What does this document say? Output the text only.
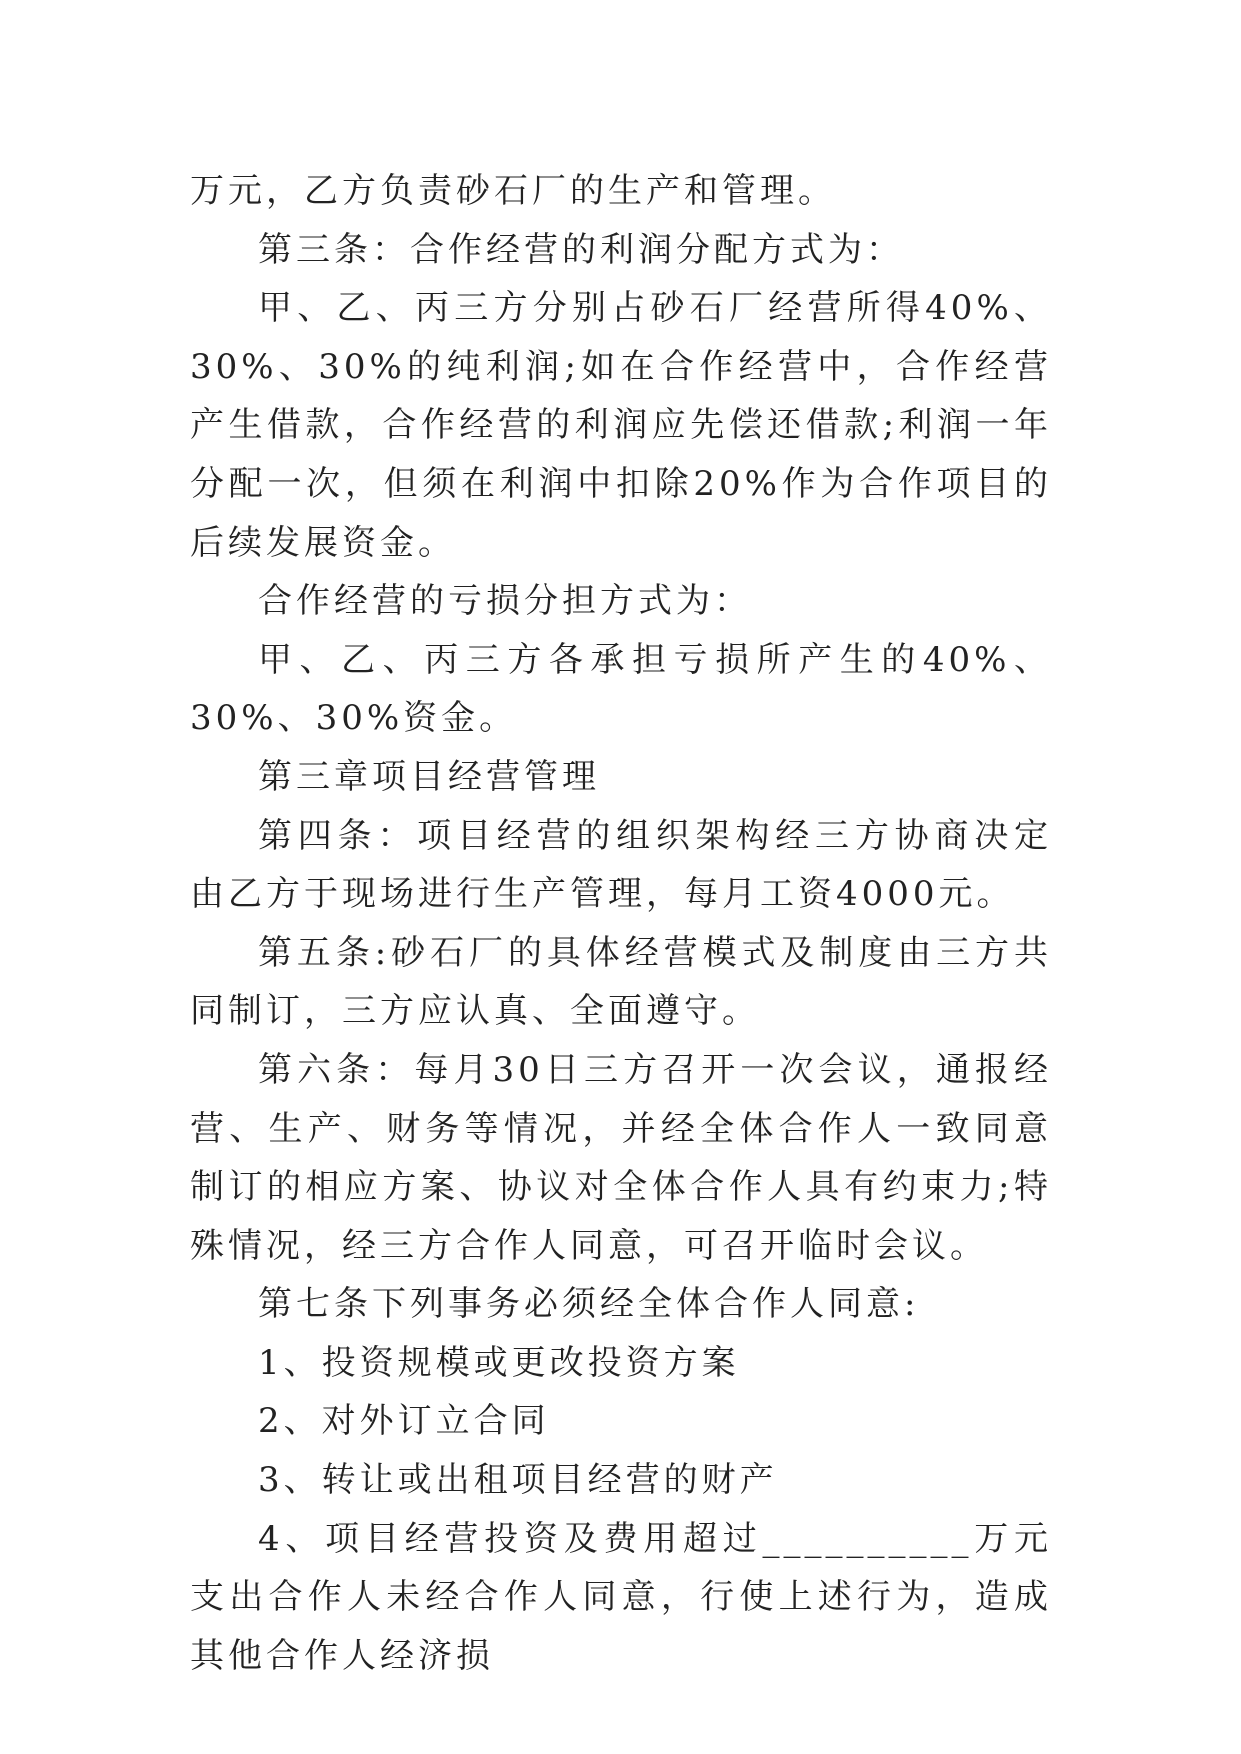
万元，乙方负责砂石厂的生产和管理。

第三条：合作经营的利润分配方式为：

甲、乙、丙三方分别占砂石厂经营所得40%、30%、30%的纯利润;如在合作经营中，合作经营产生借款，合作经营的利润应先偿还借款;利润一年分配一次，但须在利润中扣除20%作为合作项目的后续发展资金。

合作经营的亏损分担方式为：

甲、乙、丙三方各承担亏损所产生的40%、30%、30%资金。

第三章项目经营管理

第四条：项目经营的组织架构经三方协商决定由乙方于现场进行生产管理，每月工资4000元。

第五条:砂石厂的具体经营模式及制度由三方共同制订，三方应认真、全面遵守。

第六条：每月30日三方召开一次会议，通报经营、生产、财务等情况，并经全体合作人一致同意制订的相应方案、协议对全体合作人具有约束力;特殊情况，经三方合作人同意，可召开临时会议。

第七条下列事务必须经全体合作人同意:

1、投资规模或更改投资方案

2、对外订立合同

3、转让或出租项目经营的财产

4、项目经营投资及费用超过__________万元支出合作人未经合作人同意，行使上述行为，造成其他合作人经济损
